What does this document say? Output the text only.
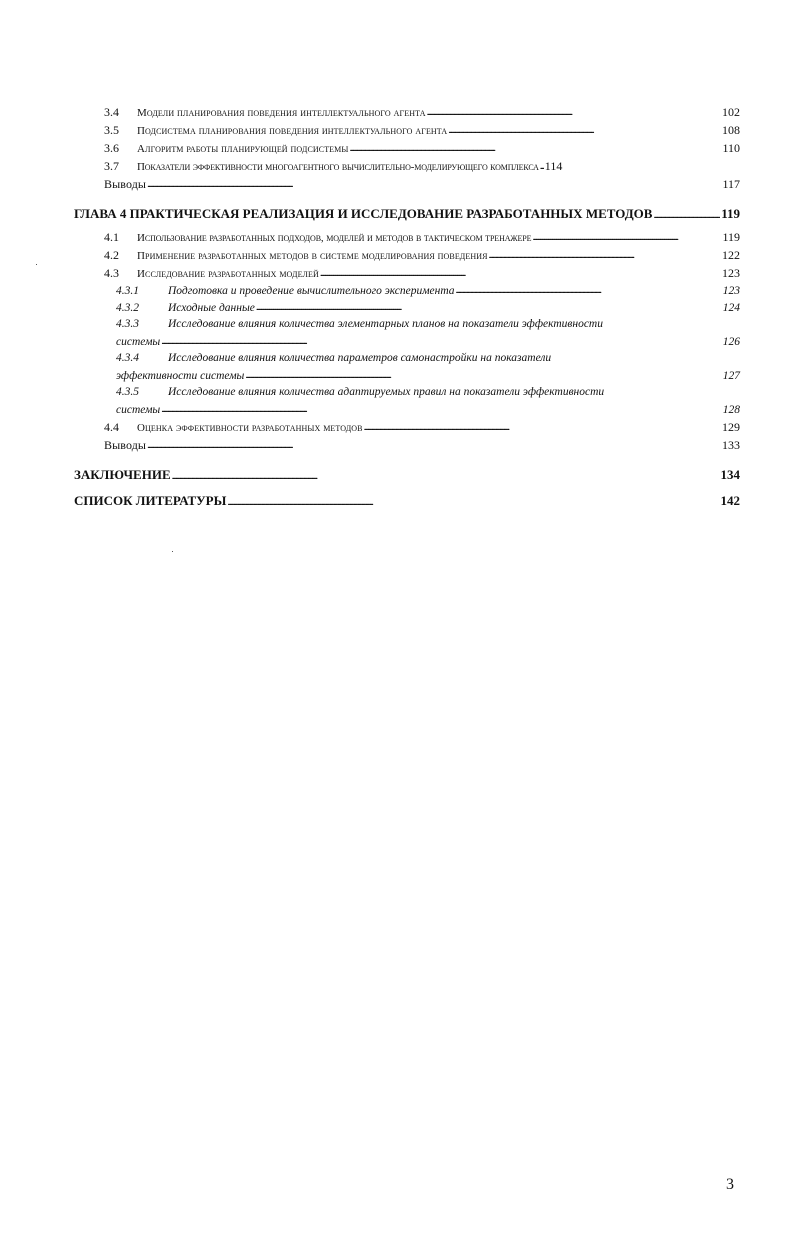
3.4	Модели планирования поведения интеллектуального агента . . .	102
3.5	Подсистема планирования поведения интеллектуального агента . . .	108
3.6	Алгоритм работы планирующей подсистемы . . .	110
3.7	Показатели эффективности многоагентного вычислительно-моделирующего комплекса . . . 114
Выводы . . .	117
ГЛАВА 4 ПРАКТИЧЕСКАЯ РЕАЛИЗАЦИЯ И ИССЛЕДОВАНИЕ РАЗРАБОТАННЫХ МЕТОДОВ . . .	119
4.1	Использование разработанных подходов, моделей и методов в тактическом тренажере . . .	119
4.2	Применение разработанных методов в системе моделирования поведения . . .	122
4.3	Исследование разработанных моделей . . .	123
4.3.1	Подготовка и проведение вычислительного эксперимента . . .	123
4.3.2	Исходные данные . . .	124
4.3.3	Исследование влияния количества элементарных планов на показатели эффективности
системы . . .	126
4.3.4	Исследование влияния количества параметров самонастройки на показатели
эффективности системы . . .	127
4.3.5	Исследование влияния количества адаптируемых правил на показатели эффективности
системы . . .	128
4.4	Оценка эффективности разработанных методов . . .	129
Выводы . . .	133
ЗАКЛЮЧЕНИЕ . . .	134
СПИСОК ЛИТЕРАТУРЫ . . .	142
3
